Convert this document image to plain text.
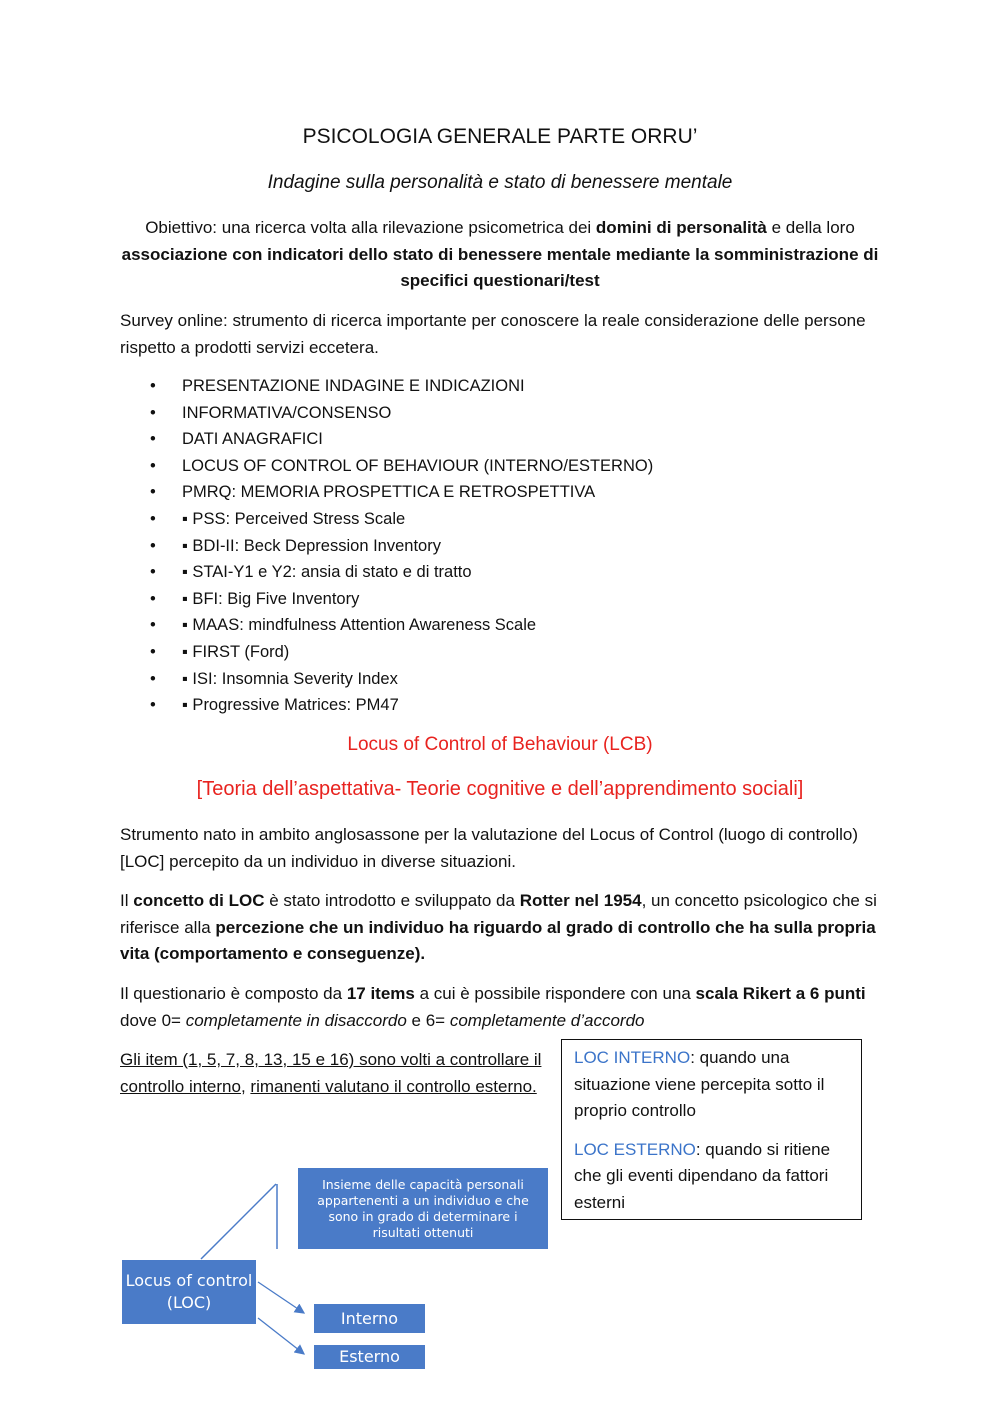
PSICOLOGIA GENERALE PARTE ORRU’
Indagine sulla personalità e stato di benessere mentale
Obiettivo: una ricerca volta alla rilevazione psicometrica dei domini di personalità e della loro associazione con indicatori dello stato di benessere mentale mediante la somministrazione di specifici questionari/test
Survey online: strumento di ricerca importante per conoscere la reale considerazione delle persone rispetto a prodotti servizi eccetera.
• PRESENTAZIONE INDAGINE E INDICAZIONI
• INFORMATIVA/CONSENSO
• DATI ANAGRAFICI
• LOCUS OF CONTROL OF BEHAVIOUR (INTERNO/ESTERNO)
• PMRQ: MEMORIA PROSPETTICA E RETROSPETTIVA
• ▪ PSS: Perceived Stress Scale
• ▪ BDI-II: Beck Depression Inventory
• ▪ STAI-Y1 e Y2: ansia di stato e di tratto
• ▪ BFI: Big Five Inventory
• ▪ MAAS: mindfulness Attention Awareness Scale
• ▪ FIRST (Ford)
• ▪ ISI: Insomnia Severity Index
• ▪ Progressive Matrices: PM47
Locus of Control of Behaviour (LCB)
[Teoria dell’aspettativa- Teorie cognitive e dell’apprendimento sociali]
Strumento nato in ambito anglosassone per la valutazione del Locus of Control (luogo di controllo) [LOC] percepito da un individuo in diverse situazioni.
Il concetto di LOC è stato introdotto e sviluppato da Rotter nel 1954, un concetto psicologico che si riferisce alla percezione che un individuo ha riguardo al grado di controllo che ha sulla propria vita (comportamento e conseguenze).
Il questionario è composto da 17 items a cui è possibile rispondere con una scala Rikert a 6 punti dove 0= completamente in disaccordo e 6= completamente d’accordo
Gli item (1, 5, 7, 8, 13, 15 e 16) sono volti a controllare il controllo interno, rimanenti valutano il controllo esterno.

LOC INTERNO: quando una situazione viene percepita sotto il proprio controllo

LOC ESTERNO: quando si ritiene che gli eventi dipendano da fattori esterni

Insieme delle capacità personali appartenenti a un individuo e che sono in grado di determinare i risultati ottenuti
Locus of control (LOC)
Interno
Esterno
